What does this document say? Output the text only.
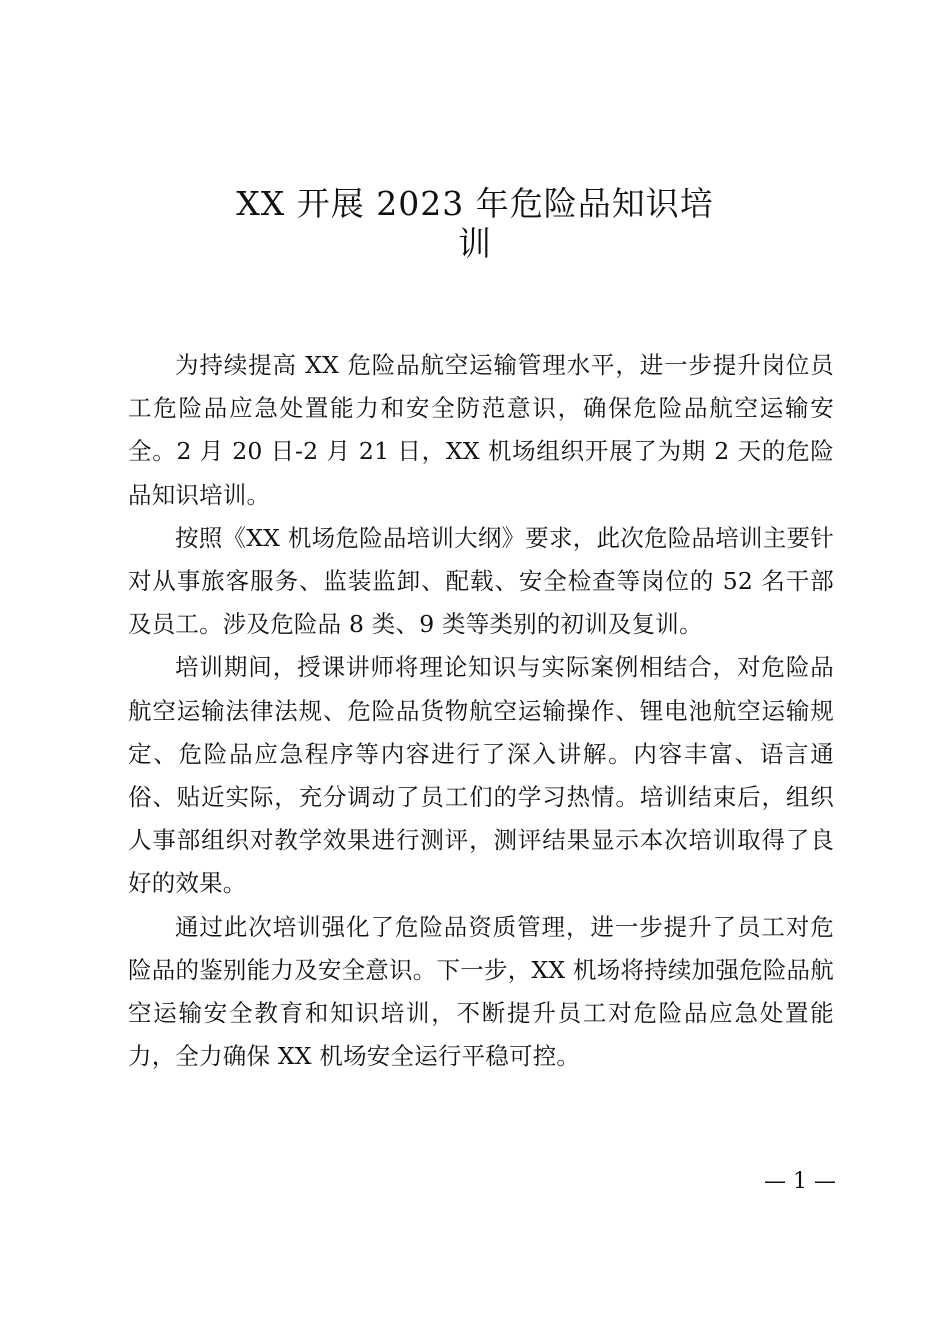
XX 开展 2023 年危险品知识培
训

为持续提高 XX 危险品航空运输管理水平，进一步提升岗位员工危险品应急处置能力和安全防范意识，确保危险品航空运输安全。2 月 20 日-2 月 21 日，XX 机场组织开展了为期 2 天的危险品知识培训。

按照《XX 机场危险品培训大纲》要求，此次危险品培训主要针对从事旅客服务、监装监卸、配载、安全检查等岗位的 52 名干部及员工。涉及危险品 8 类、9 类等类别的初训及复训。

培训期间，授课讲师将理论知识与实际案例相结合，对危险品航空运输法律法规、危险品货物航空运输操作、锂电池航空运输规定、危险品应急程序等内容进行了深入讲解。内容丰富、语言通俗、贴近实际，充分调动了员工们的学习热情。培训结束后，组织人事部组织对教学效果进行测评，测评结果显示本次培训取得了良好的效果。

通过此次培训强化了危险品资质管理，进一步提升了员工对危险品的鉴别能力及安全意识。下一步，XX 机场将持续加强危险品航空运输安全教育和知识培训，不断提升员工对危险品应急处置能力，全力确保 XX 机场安全运行平稳可控。

— 1 —
